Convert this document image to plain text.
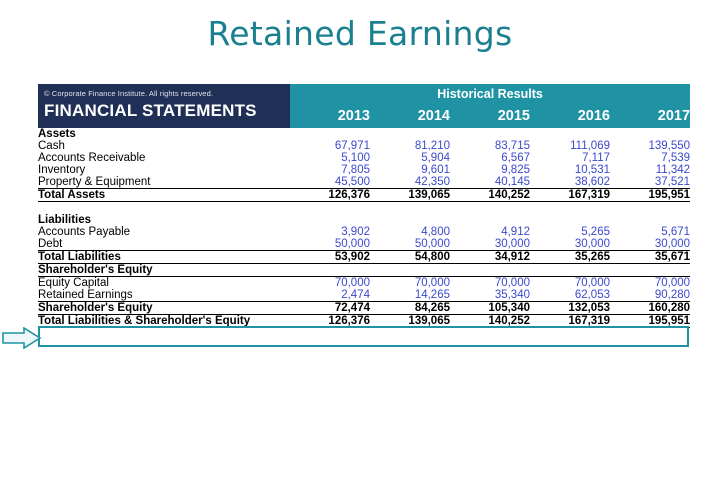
Retained Earnings
© Corporate Finance Institute. All rights reserved.
FINANCIAL STATEMENTS	Historical Results				
	2013	2014	2015	2016	2017
Assets					
Cash	67,971	81,210	83,715	111,069	139,550
Accounts Receivable	5,100	5,904	6,567	7,117	7,539
Inventory	7,805	9,601	9,825	10,531	11,342
Property & Equipment	45,500	42,350	40,145	38,602	37,521
Total Assets	126,376	139,065	140,252	167,319	195,951

Liabilities					
Accounts Payable	3,902	4,800	4,912	5,265	5,671
Debt	50,000	50,000	30,000	30,000	30,000
Total Liabilities	53,902	54,800	34,912	35,265	35,671
Shareholder's Equity					
Equity Capital	70,000	70,000	70,000	70,000	70,000
Retained Earnings	2,474	14,265	35,340	62,053	90,280
Shareholder's Equity	72,474	84,265	105,340	132,053	160,280
Total Liabilities & Shareholder's Equity	126,376	139,065	140,252	167,319	195,951
